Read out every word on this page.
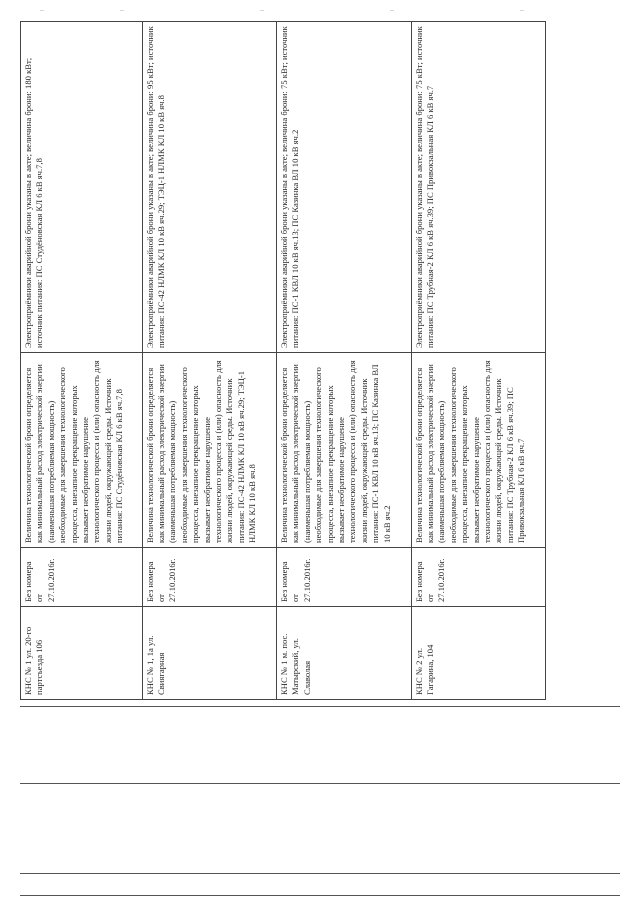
КНС № 1 ул. 20-го партсъезда 106	Без номера от 27.10.2016г.	Величина технологической брони определяется как минимальный расход электрической энергии (наименьшая потребляемая мощность) необходимые для завершения технологического процесса, внезапное прекращение которых вызывает необратимое нарушение технологического процесса и (или) опасность для жизни людей, окружающей среды. Источник питания: ПС Студёновская КЛ 6 кВ яч.7,8	Электроприёмники аварийной брони указаны в акте; величина брони: 180 кВт; источник питания: ПС Студёновская КЛ 6 кВ яч.7,8
КНС № 1, 1а ул. Свиягарная	Без номера от 27.10.2016г.	Величина технологической брони определяется как минимальный расход электрической энергии (наименьшая потребляемая мощность) необходимые для завершения технологического процесса, внезапное прекращение которых вызывает необратимое нарушение технологического процесса и (или) опасность для жизни людей, окружающей среды. Источник питания: ПС-42 НЛМК КЛ 10 кВ яч.29; ТЭЦ-1 НЛМК КЛ 10 кВ яч.8	Электроприёмники аварийной брони указаны в акте; величина брони: 95 кВт; источник питания: ПС-42 НЛМК КЛ 10 кВ яч.29; ТЭЦ-1 НЛМК КЛ 10 кВ яч.8
КНС № 1 м. пос. Матырский, ул. Славолая	Без номера от 27.10.2016г.	Величина технологической брони определяется как минимальный расход электрической энергии (наименьшая потребляемая мощность) необходимые для завершения технологического процесса, внезапное прекращение которых вызывает необратимое нарушение технологического процесса и (или) опасность для жизни людей, окружающей среды. Источник питания: ПС-1 КВЛ 10 кВ яч.13; ПС Казинка ВЛ 10 кВ яч.2	Электроприёмники аварийной брони указаны в акте; величина брони: 75 кВт; источник питания: ПС-1 КВЛ 10 кВ яч.13; ПС Казинка ВЛ 10 кВ яч.2
КНС № 2 ул. Гагарина, 104	Без номера от 27.10.2016г.	Величина технологической брони определяется как минимальный расход электрической энергии (наименьшая потребляемая мощность) необходимые для завершения технологического процесса, внезапное прекращение которых вызывает необратимое нарушение технологического процесса и (или) опасность для жизни людей, окружающей среды. Источник питания: ПС Трубная-2 КЛ 6 кВ яч.39; ПС Привокзальная КЛ 6 кВ яч.7	Электроприёмники аварийной брони указаны в акте; величина брони: 75 кВт; источник питания: ПС Трубная-2 КЛ 6 кВ яч.39; ПС Привокзальная КЛ 6 кВ яч.7
